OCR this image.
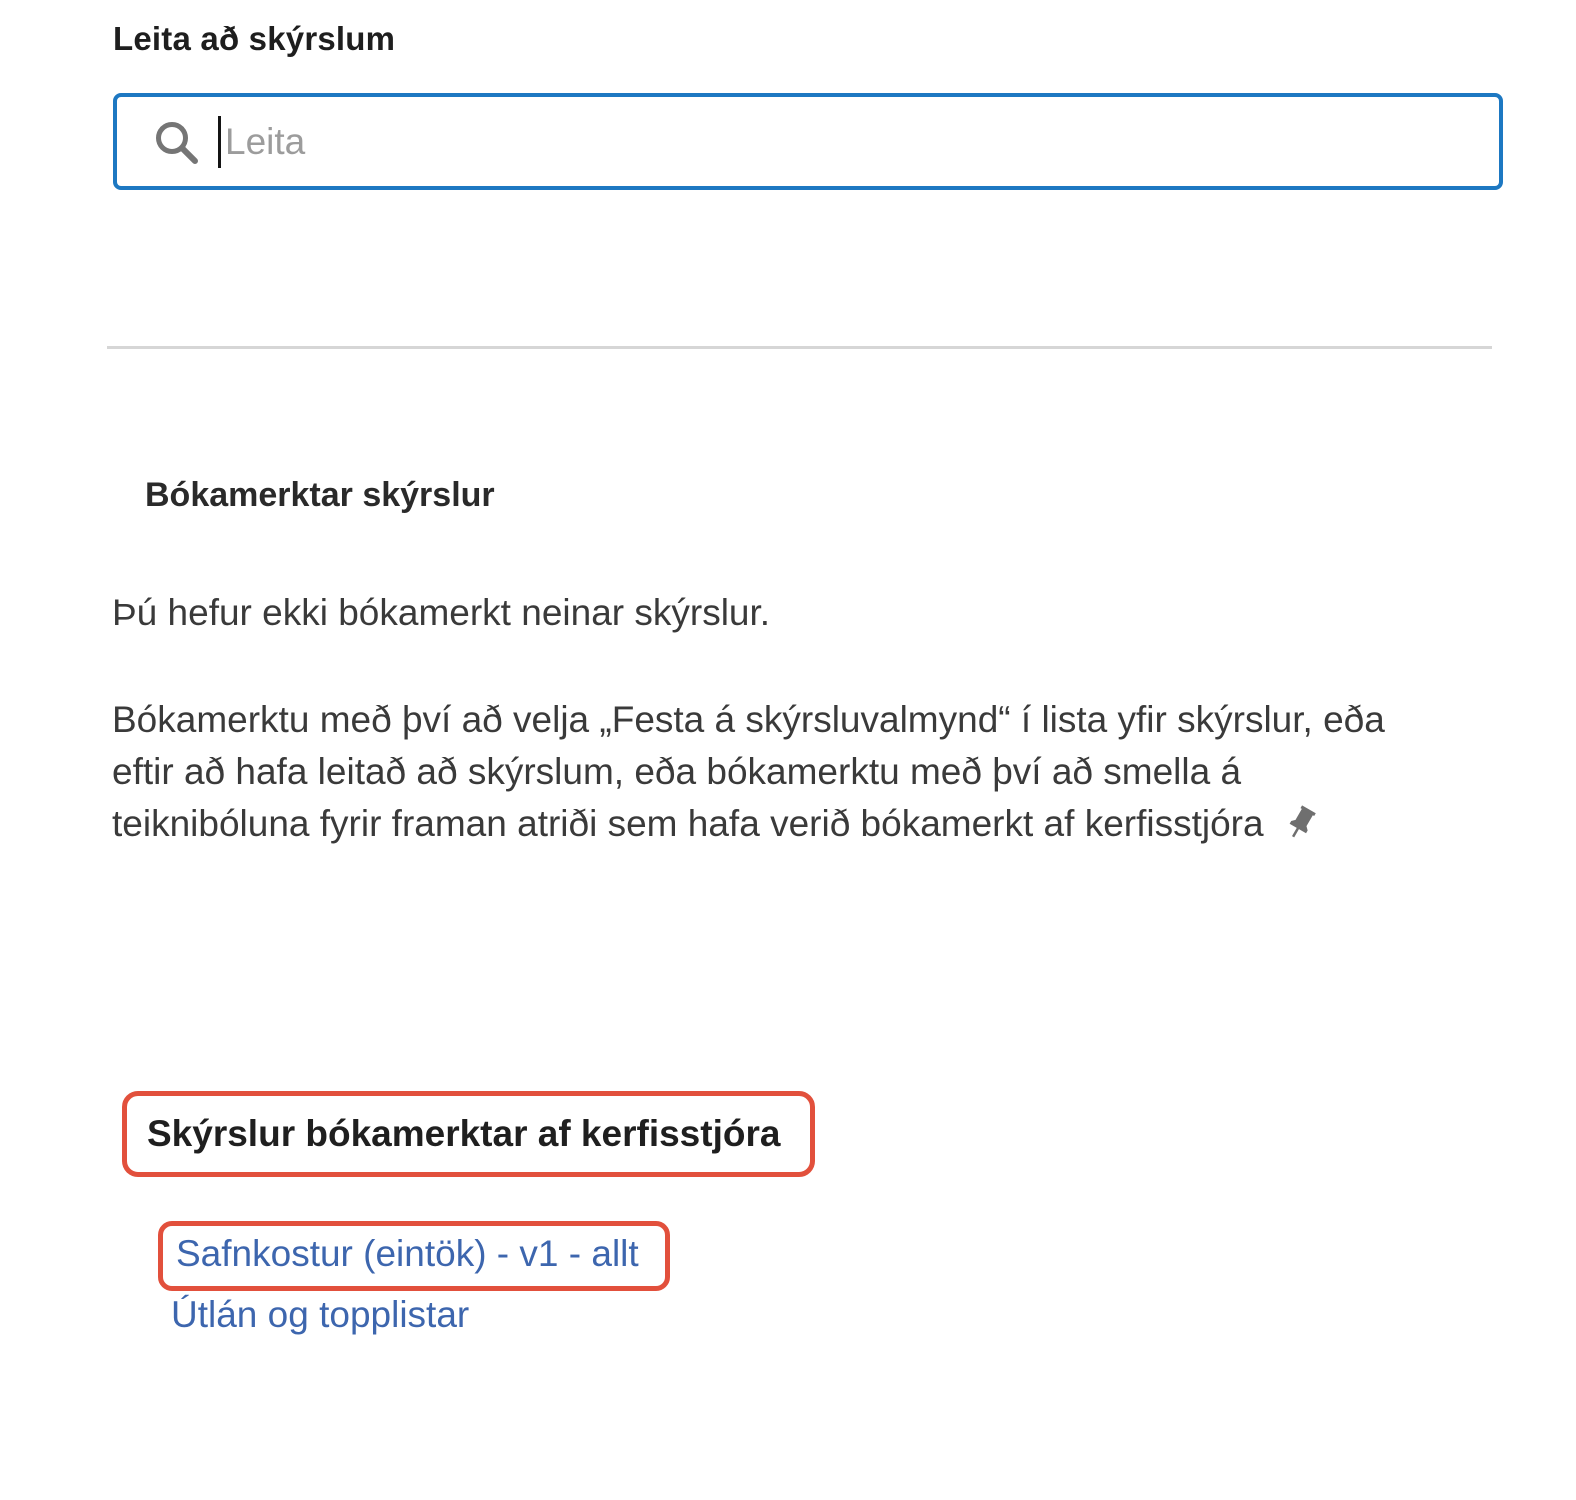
Leita að skýrslum
Leita
Bókamerktar skýrslur
Þú hefur ekki bókamerkt neinar skýrslur.
Bókamerktu með því að velja „Festa á skýrsluvalmynd“ í lista yfir skýrslur, eða eftir að hafa leitað að skýrslum, eða bókamerktu með því að smella á teiknibóluna fyrir framan atriði sem hafa verið bókamerkt af kerfisstjóra
Skýrslur bókamerktar af kerfisstjóra
Safnkostur (eintök) - v1 - allt
Útlán og topplistar
